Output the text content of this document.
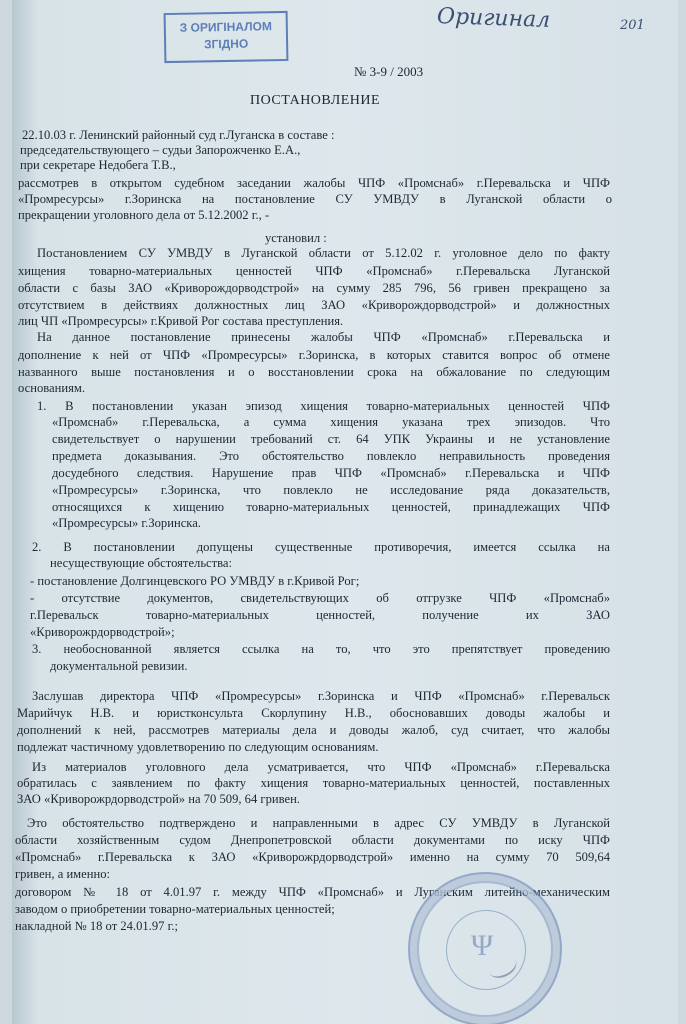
З ОРИГІНАЛОМ
ЗГІДНО
Оригинал	201
№ 3-9 / 2003
ПОСТАНОВЛЕНИЕ
22.10.03 г. Ленинский районный суд г.Луганска в составе :
председательствующего – судьи Запорожченко Е.А.,
при секретаре Недобега Т.В.,
рассмотрев в открытом судебном заседании жалобы ЧПФ «Промснаб» г.Перевальска и ЧПФ
«Промресурсы» г.Зоринска на постановление СУ УМВДУ в Луганской области о
прекращении уголовного дела от 5.12.2002 г., -
установил :
Постановлением СУ УМВДУ в Луганской области от 5.12.02 г. уголовное дело по факту
хищения товарно-материальных ценностей ЧПФ «Промснаб» г.Перевальска Луганской
области с базы ЗАО «Криворождорводстрой» на сумму 285 796, 56 гривен прекращено за
отсутствием в действиях должностных лиц ЗАО «Криворождорводстрой» и должностных
лиц ЧП «Промресурсы» г.Кривой Рог состава преступления.
На данное постановление принесены жалобы ЧПФ «Промснаб» г.Перевальска и
дополнение к ней от ЧПФ «Промресурсы» г.Зоринска, в которых ставится вопрос об отмене
названного выше постановления и о восстановлении срока на обжалование по следующим
основаниям.
1. В постановлении указан эпизод хищения товарно-материальных ценностей ЧПФ
«Промснаб» г.Перевальска, а сумма хищения указана трех эпизодов. Что
свидетельствует о нарушении требований ст. 64 УПК Украины и не установление
предмета доказывания. Это обстоятельство повлекло неправильность проведения
досудебного следствия. Нарушение прав ЧПФ «Промснаб» г.Перевальска и ЧПФ
«Промресурсы» г.Зоринска, что повлекло не исследование ряда доказательств,
относящихся к хищению товарно-материальных ценностей, принадлежащих ЧПФ
«Промресурсы» г.Зоринска.
2. В постановлении допущены существенные противоречия, имеется ссылка на
несуществующие обстоятельства:
- постановление Долгинцевского РО УМВДУ в г.Кривой Рог;
- отсутствие документов, свидетельствующих об отгрузке ЧПФ «Промснаб»
г.Перевальск товарно-материальных ценностей, получение их ЗАО
«Криворожрдорводстрой»;
3. необоснованной является ссылка на то, что это препятствует проведению
документальной ревизии.
Заслушав директора ЧПФ «Промресурсы» г.Зоринска и ЧПФ «Промснаб» г.Перевальск
Марийчук Н.В. и юристконсульта Скорлупину Н.В., обосновавших доводы жалобы и
дополнений к ней, рассмотрев материалы дела и доводы жалоб, суд считает, что жалобы
подлежат частичному удовлетворению по следующим основаниям.
Из материалов уголовного дела усматривается, что ЧПФ «Промснаб» г.Перевальска
обратилась с заявлением по факту хищения товарно-материальных ценностей, поставленных
ЗАО «Криворожрдорводстрой» на 70 509, 64 гривен.
Это обстоятельство подтверждено и направленными в адрес СУ УМВДУ в Луганской
области хозяйственным судом Днепропетровской области документами по иску ЧПФ
«Промснаб» г.Перевальска к ЗАО «Криворожрдорводстрой» именно на сумму 70 509,64
гривен, а именно:
договором № 18 от 4.01.97 г. между ЧПФ «Промснаб» и Луганским литейно-механическим
заводом о приобретении товарно-материальных ценностей;
накладной № 18 от 24.01.97 г.;
Ψ
